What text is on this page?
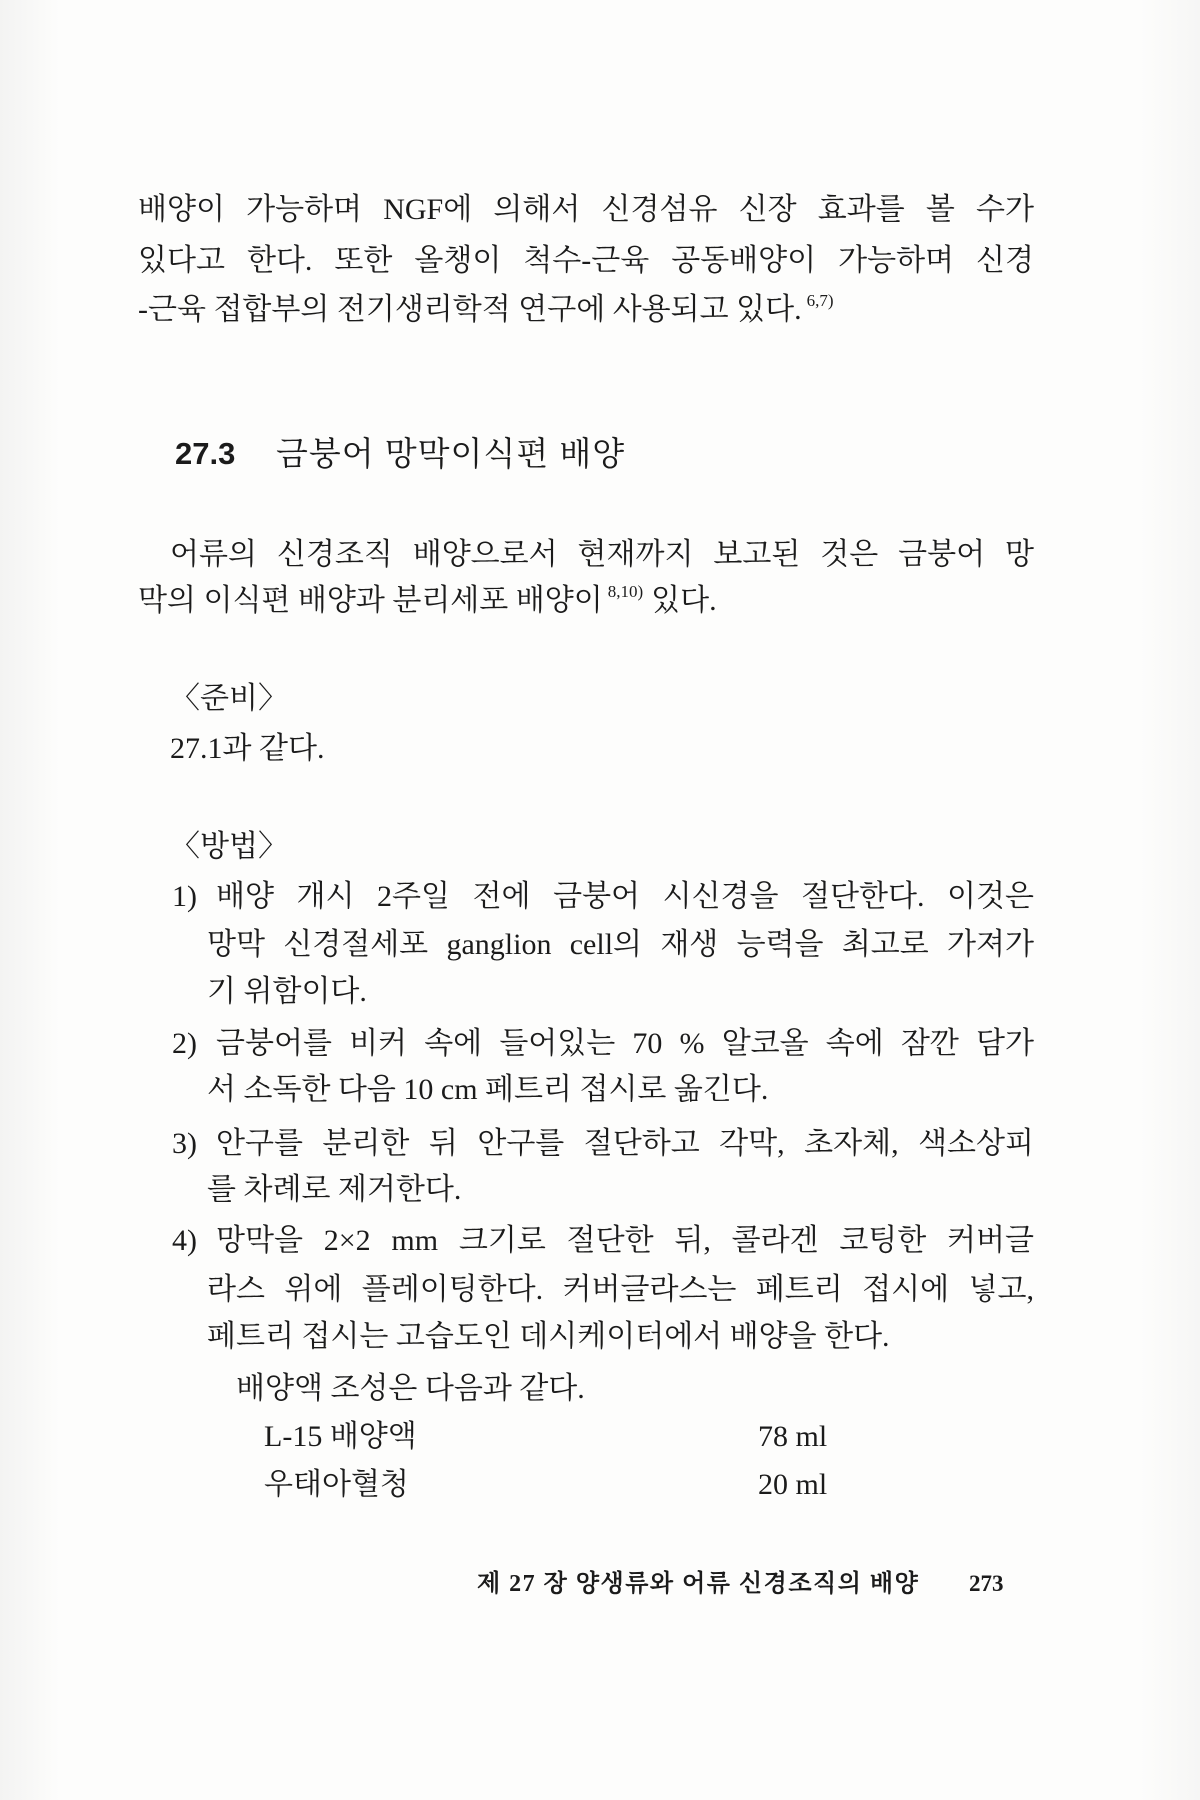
배양이 가능하며 NGF에 의해서 신경섬유 신장 효과를 볼 수가
있다고 한다. 또한 올챙이 척수-근육 공동배양이 가능하며 신경
-근육 접합부의 전기생리학적 연구에 사용되고 있다. $^{6,7)}$
27.3 금붕어 망막이식편 배양
어류의 신경조직 배양으로서 현재까지 보고된 것은 금붕어 망
막의 이식편 배양과 분리세포 배양이 $^{8,10)}$ 있다.
〈준비〉
27.1과 같다.
〈방법〉
1) 배양 개시 2주일 전에 금붕어 시신경을 절단한다. 이것은
망막 신경절세포 ganglion cell의 재생 능력을 최고로 가져가
기 위함이다.
2) 금붕어를 비커 속에 들어있는 70 % 알코올 속에 잠깐 담가
서 소독한 다음 10 cm 페트리 접시로 옮긴다.
3) 안구를 분리한 뒤 안구를 절단하고 각막, 초자체, 색소상피
를 차례로 제거한다.
4) 망막을 2×2 mm 크기로 절단한 뒤, 콜라겐 코팅한 커버글
라스 위에 플레이팅한다. 커버글라스는 페트리 접시에 넣고,
페트리 접시는 고습도인 데시케이터에서 배양을 한다.
배양액 조성은 다음과 같다.
L-15 배양액	78 ml
우태아혈청	20 ml
제 27 장 양생류와 어류 신경조직의 배양 273
